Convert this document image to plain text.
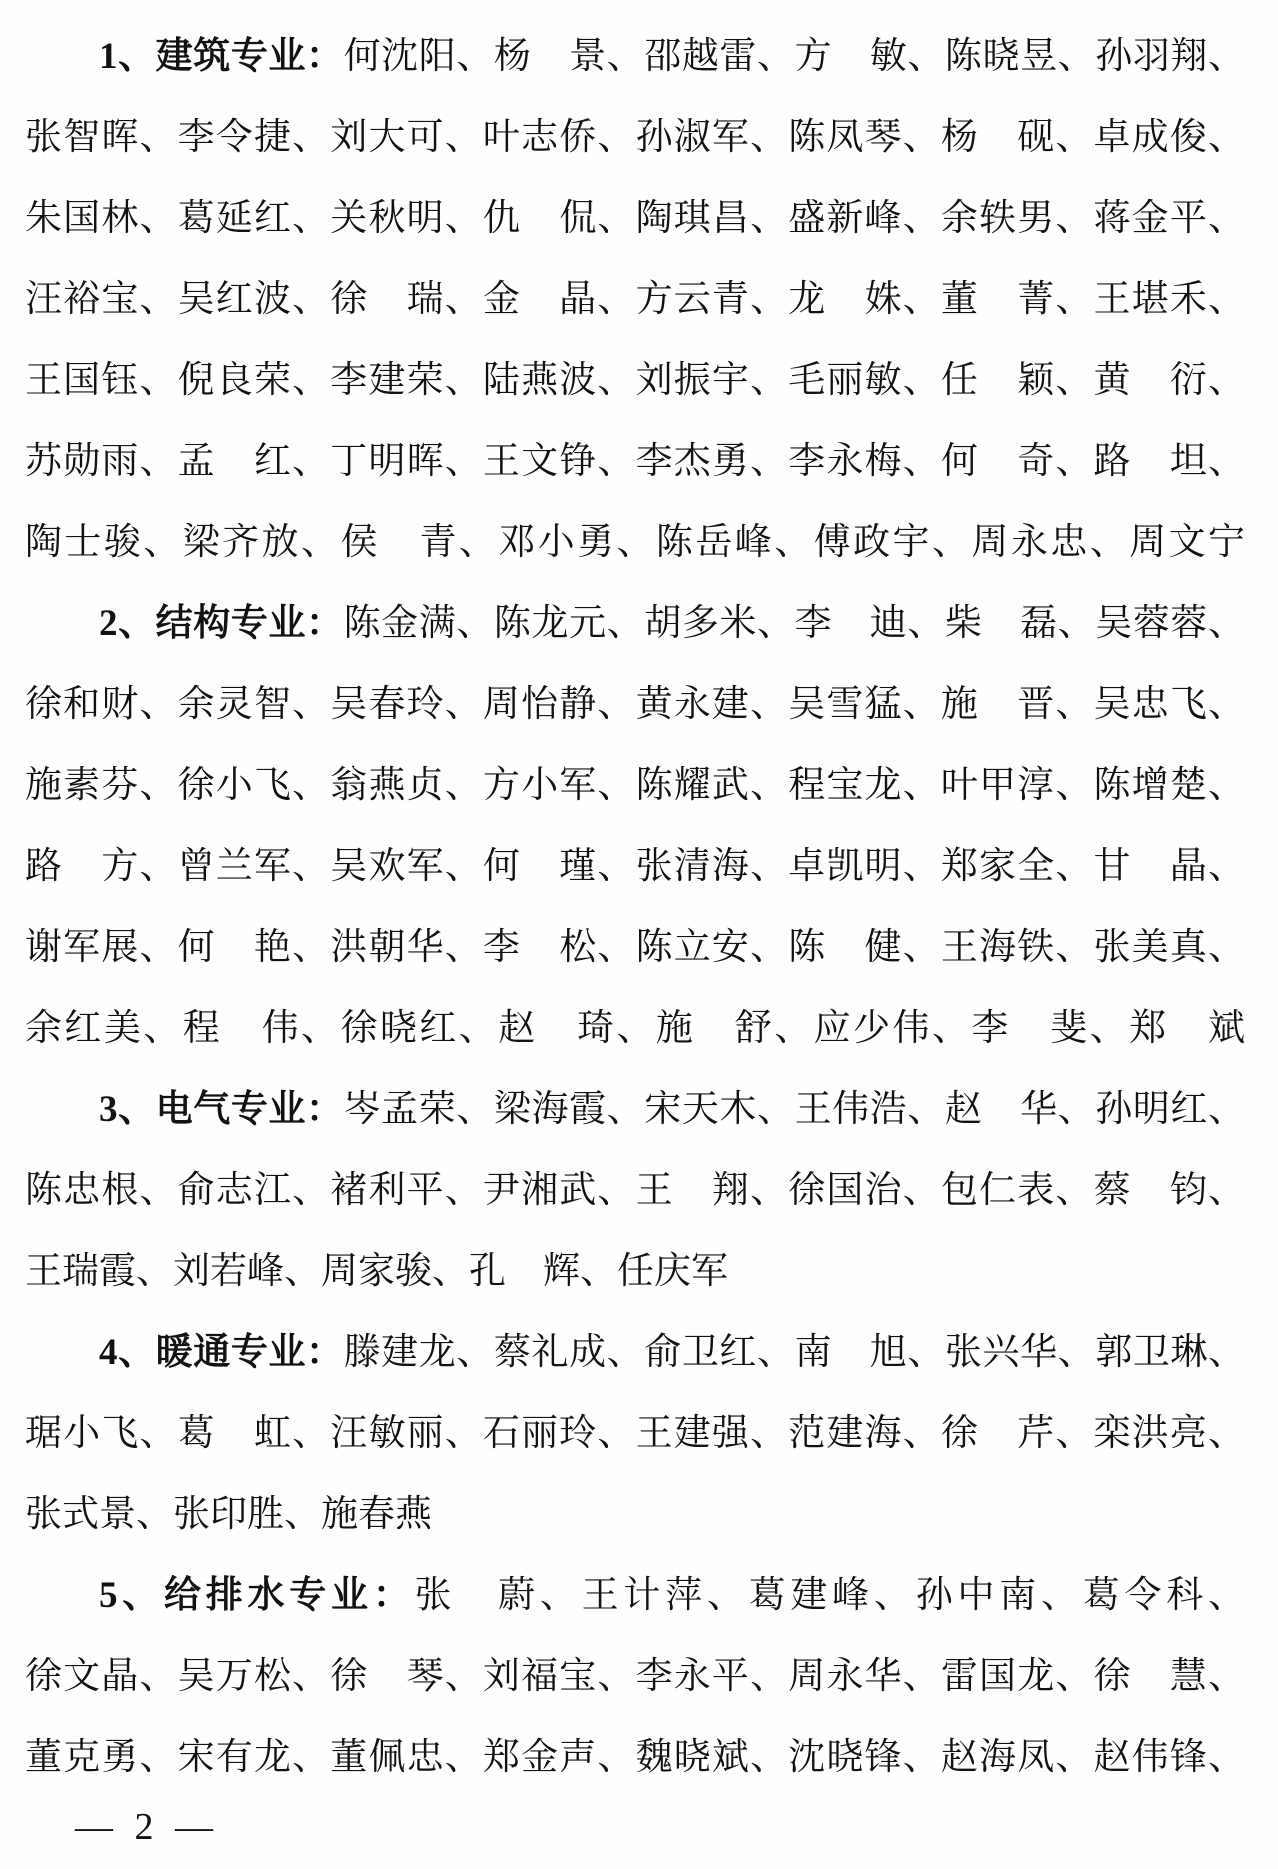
1、建筑专业：何沈阳、杨　景、邵越雷、方　敏、陈晓昱、孙羽翔、
张智晖、李令捷、刘大可、叶志侨、孙淑军、陈凤琴、杨　砚、卓成俊、
朱国林、葛延红、关秋明、仇　侃、陶琪昌、盛新峰、余轶男、蒋金平、
汪裕宝、吴红波、徐　瑞、金　晶、方云青、龙　姝、董　菁、王堪禾、
王国钰、倪良荣、李建荣、陆燕波、刘振宇、毛丽敏、任　颖、黄　衍、
苏勋雨、孟　红、丁明晖、王文铮、李杰勇、李永梅、何　奇、路　坦、
陶士骏、梁齐放、侯　青、邓小勇、陈岳峰、傅政宇、周永忠、周文宁
2、结构专业：陈金满、陈龙元、胡多米、李　迪、柴　磊、吴蓉蓉、
徐和财、余灵智、吴春玲、周怡静、黄永建、吴雪猛、施　晋、吴忠飞、
施素芬、徐小飞、翁燕贞、方小军、陈耀武、程宝龙、叶甲淳、陈增楚、
路　方、曾兰军、吴欢军、何　瑾、张清海、卓凯明、郑家全、甘　晶、
谢军展、何　艳、洪朝华、李　松、陈立安、陈　健、王海铁、张美真、
余红美、程　伟、徐晓红、赵　琦、施　舒、应少伟、李　斐、郑　斌
3、电气专业：岑孟荣、梁海霞、宋天木、王伟浩、赵　华、孙明红、
陈忠根、俞志江、褚利平、尹湘武、王　翔、徐国治、包仁表、蔡　钧、
王瑞霞、刘若峰、周家骏、孔　辉、任庆军
4、暖通专业：滕建龙、蔡礼成、俞卫红、南　旭、张兴华、郭卫琳、
琚小飞、葛　虹、汪敏丽、石丽玲、王建强、范建海、徐　芹、栾洪亮、
张式景、张印胜、施春燕
5、给排水专业：张　蔚、王计萍、葛建峰、孙中南、葛令科、
徐文晶、吴万松、徐　琴、刘福宝、李永平、周永华、雷国龙、徐　慧、
董克勇、宋有龙、董佩忠、郑金声、魏晓斌、沈晓锋、赵海凤、赵伟锋、
— 2 —
